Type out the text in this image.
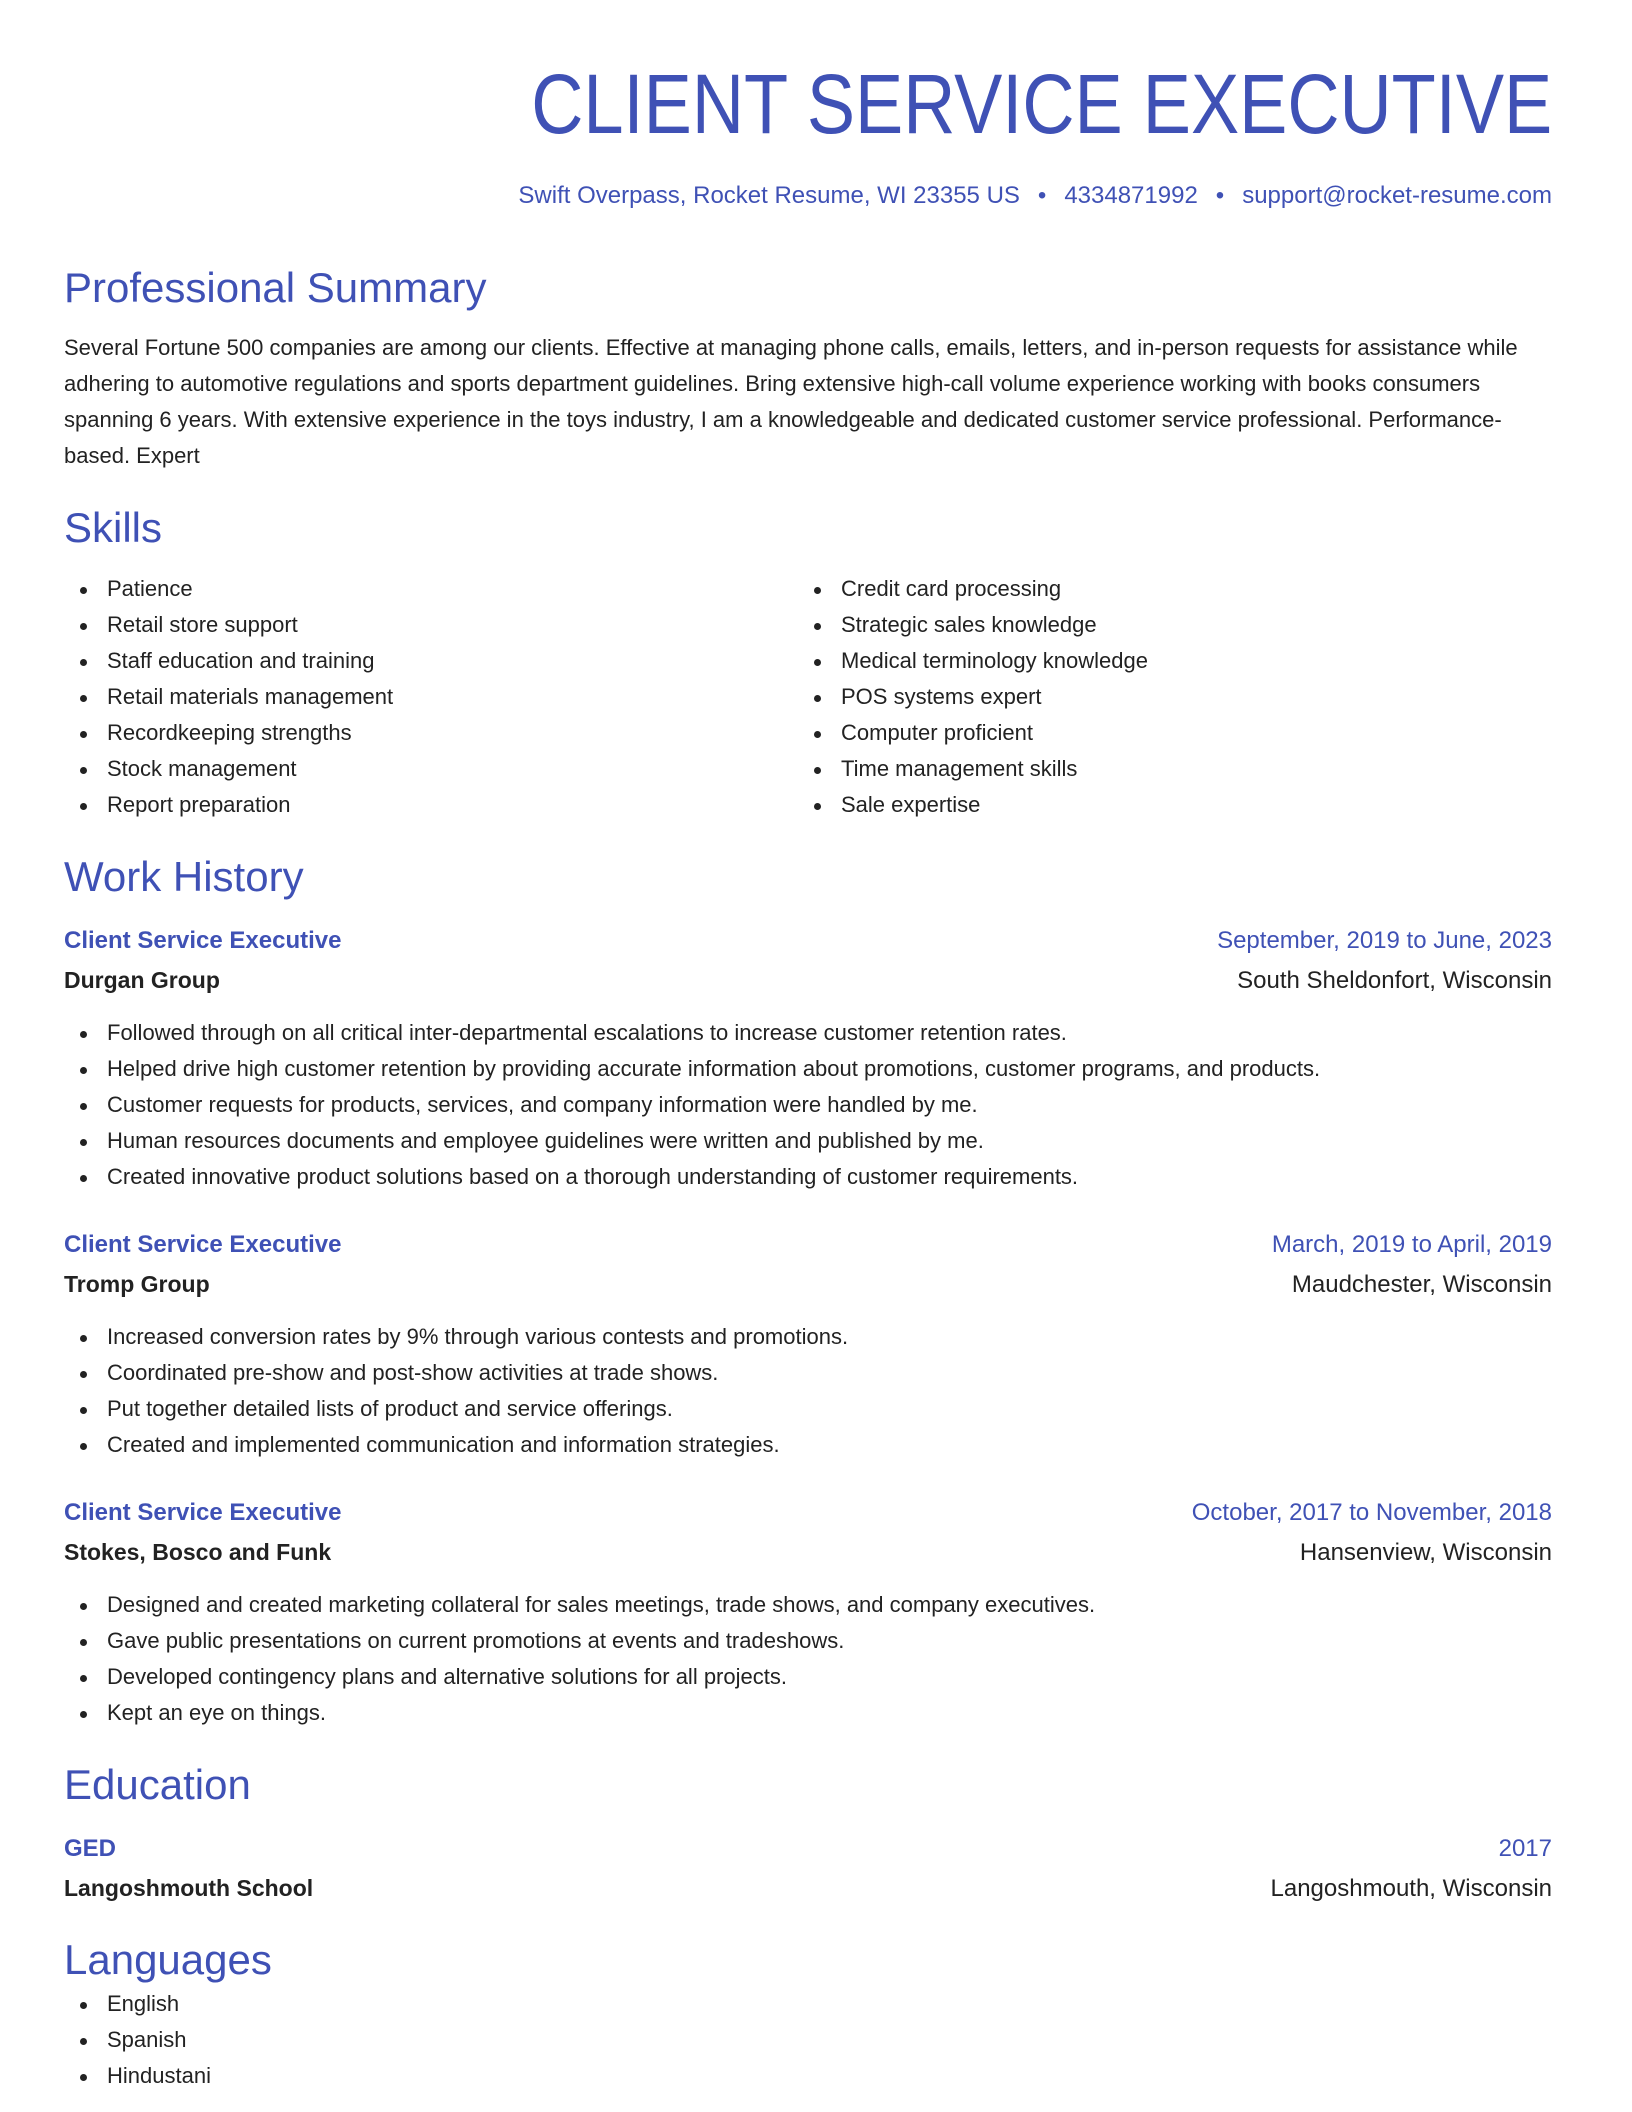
CLIENT SERVICE EXECUTIVE
Swift Overpass, Rocket Resume, WI 23355 US • 4334871992 • support@rocket-resume.com
Professional Summary

Several Fortune 500 companies are among our clients. Effective at managing phone calls, emails, letters, and in-person requests for assistance while adhering to automotive regulations and sports department guidelines. Bring extensive high-call volume experience working with books consumers spanning 6 years. With extensive experience in the toys industry, I am a knowledgeable and dedicated customer service professional. Performance-based. Expert

Skills
Patience
Retail store support
Staff education and training
Retail materials management
Recordkeeping strengths
Stock management
Report preparation
Credit card processing
Strategic sales knowledge
Medical terminology knowledge
POS systems expert
Computer proficient
Time management skills
Sale expertise
Work History
Client Service Executive	September, 2019 to June, 2023
Durgan Group	South Sheldonfort, Wisconsin
Followed through on all critical inter-departmental escalations to increase customer retention rates.
Helped drive high customer retention by providing accurate information about promotions, customer programs, and products.
Customer requests for products, services, and company information were handled by me.
Human resources documents and employee guidelines were written and published by me.
Created innovative product solutions based on a thorough understanding of customer requirements.
Client Service Executive	March, 2019 to April, 2019
Tromp Group	Maudchester, Wisconsin
Increased conversion rates by 9% through various contests and promotions.
Coordinated pre-show and post-show activities at trade shows.
Put together detailed lists of product and service offerings.
Created and implemented communication and information strategies.
Client Service Executive	October, 2017 to November, 2018
Stokes, Bosco and Funk	Hansenview, Wisconsin
Designed and created marketing collateral for sales meetings, trade shows, and company executives.
Gave public presentations on current promotions at events and tradeshows.
Developed contingency plans and alternative solutions for all projects.
Kept an eye on things.
Education
GED	2017
Langoshmouth School	Langoshmouth, Wisconsin
Languages
English
Spanish
Hindustani
